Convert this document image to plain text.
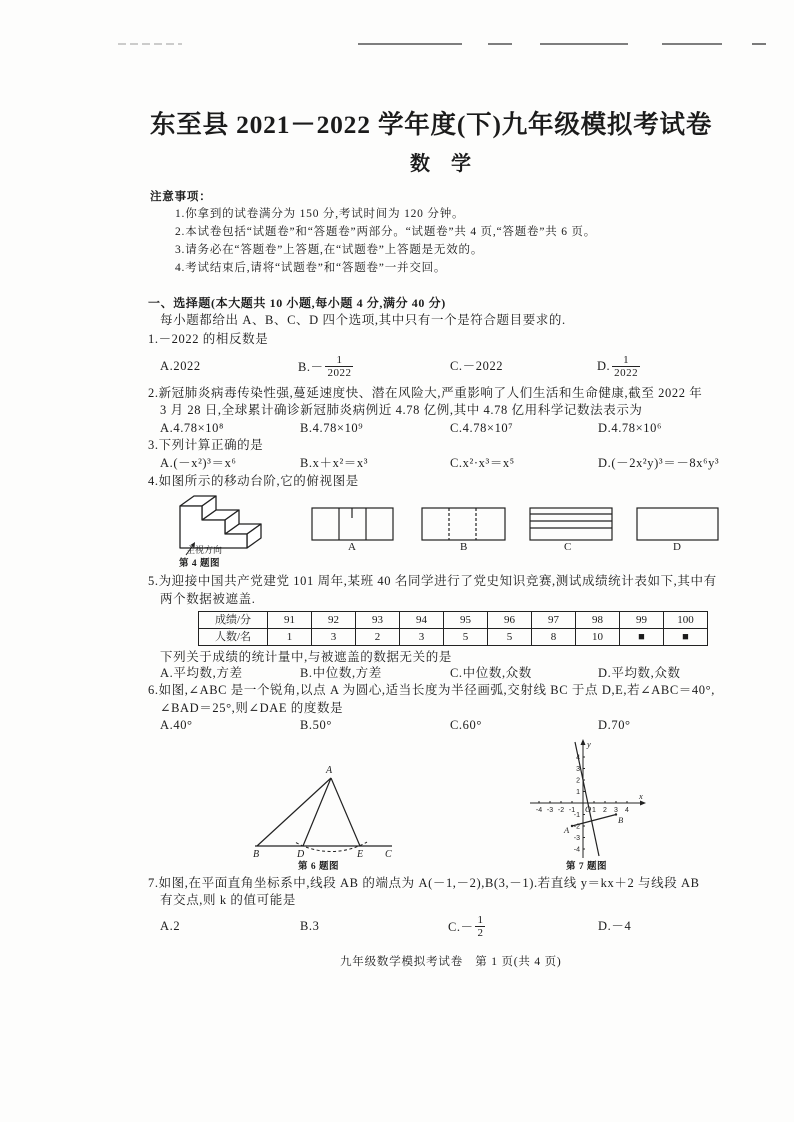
东至县 2021－2022 学年度(下)九年级模拟考试卷
数 学
注意事项：
1.你拿到的试卷满分为 150 分,考试时间为 120 分钟。
2.本试卷包括“试题卷”和“答题卷”两部分。“试题卷”共 4 页,“答题卷”共 6 页。
3.请务必在“答题卷”上答题,在“试题卷”上答题是无效的。
4.考试结束后,请将“试题卷”和“答题卷”一并交回。
一、选择题(本大题共 10 小题,每小题 4 分,满分 40 分)
每小题都给出 A、B、C、D 四个选项,其中只有一个是符合题目要求的.
1.－2022 的相反数是
A.2022	$B.- \frac{1}{2022}$	C.－2022	D. $\frac{1}{2022}$
2.新冠肺炎病毒传染性强,蔓延速度快、潜在风险大,严重影响了人们生活和生命健康,截至 2022 年
3 月 28 日,全球累计确诊新冠肺炎病例近 4.78 亿例,其中 4.78 亿用科学记数法表示为
A.4.78×10⁸	B.4.78×10⁹	C.4.78×10⁷	D.4.78×10⁶
3.下列计算正确的是
A.(－x²)³＝x⁶	B.x＋x²＝x³	C.x²·x³＝x⁵	D.(－2x²y)³＝－8x⁶y³
4.如图所示的移动台阶,它的俯视图是
主视方向
第 4 题图
A	B	C	D
5.为迎接中国共产党建党 101 周年,某班 40 名同学进行了党史知识竞赛,测试成绩统计表如下,其中有
两个数据被遮盖.
成绩/分	91	92	93	94	95	96	97	98	99	100
人数/名	1	3	2	3	5	5	8	10	■	■
下列关于成绩的统计量中,与被遮盖的数据无关的是
A.平均数,方差	B.中位数,方差	C.中位数,众数	D.平均数,众数
6.如图,∠ABC 是一个锐角,以点 A 为圆心,适当长度为半径画弧,交射线 BC 于点 D,E,若∠ABC＝40°,
∠BAD＝25°,则∠DAE 的度数是
A.40°	B.50°	C.60°	D.70°
A
B	D	E C
第 6 题图
-4 -3 -2 -1 1 2 3 4
4
3
2
1
-1
-2
-3
-4
x
y
O
A
B
第 7 题图
7.如图,在平面直角坐标系中,线段 AB 的端点为 A(－1,－2),B(3,－1).若直线 y＝kx＋2 与线段 AB
有交点,则 k 的值可能是
A.2	B.3	$C.- \frac{1}{2}$	D.－4
九年级数学模拟考试卷　第 1 页(共 4 页)
